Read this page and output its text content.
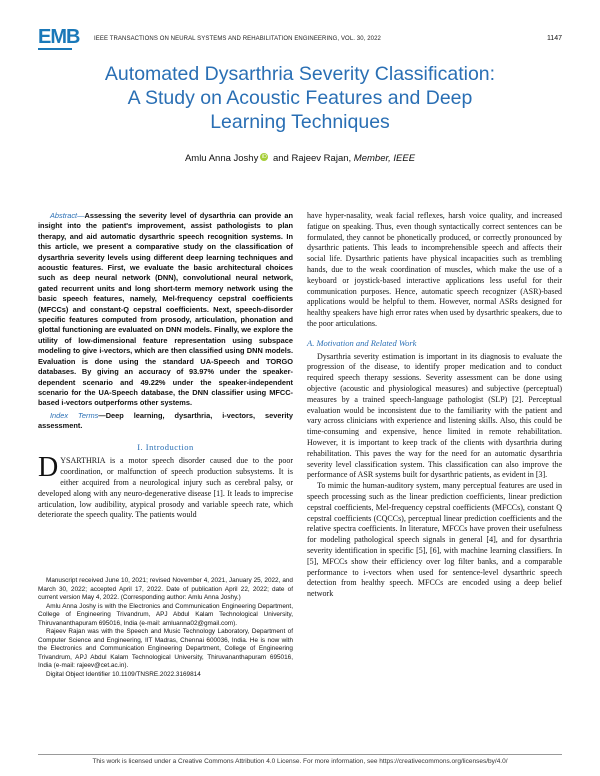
EMB IEEE TRANSACTIONS ON NEURAL SYSTEMS AND REHABILITATION ENGINEERING, VOL. 30, 2022	1147
Automated Dysarthria Severity Classification:
A Study on Acoustic Features and Deep
Learning Techniques
Amlu Anna Joshy iD and Rajeev Rajan, Member, IEEE

Abstract—Assessing the severity level of dysarthria can provide an insight into the patient's improvement, assist pathologists to plan therapy, and aid automatic dysarthric speech recognition systems. In this article, we present a comparative study on the classification of dysarthria severity levels using different deep learning techniques and acoustic features. First, we evaluate the basic architectural choices such as deep neural network (DNN), convolutional neural network, gated recurrent units and long short-term memory network using the basic speech features, namely, Mel-frequency cepstral coefficients (MFCCs) and constant-Q cepstral coefficients. Next, speech-disorder specific features computed from prosody, articulation, phonation and glottal functioning are evaluated on DNN models. Finally, we explore the utility of low-dimensional feature representation using subspace modeling to give i-vectors, which are then classified using DNN models. Evaluation is done using the standard UA-Speech and TORGO databases. By giving an accuracy of 93.97% under the speaker-dependent scenario and 49.22% under the speaker-independent scenario for the UA-Speech database, the DNN classifier using MFCC-based i-vectors outperforms other systems.

Index Terms—Deep learning, dysarthria, i-vectors, severity assessment.

I. Introduction

DYSARTHRIA is a motor speech disorder caused due to the poor coordination, or malfunction of speech production subsystems. It is either acquired from a neurological injury such as cerebral palsy, or developed along with any neuro-degenerative disease [1]. It leads to imprecise articulation, low audibility, atypical prosody and variable speech rate, which deteriorate the speech quality. The patients would

Manuscript received June 10, 2021; revised November 4, 2021, January 25, 2022, and March 30, 2022; accepted April 17, 2022. Date of publication April 22, 2022; date of current version May 4, 2022. (Corresponding author: Amlu Anna Joshy.)

Amlu Anna Joshy is with the Electronics and Communication Engineering Department, College of Engineering Trivandrum, APJ Abdul Kalam Technological University, Thiruvananthapuram 695016, India (e-mail: amluanna02@gmail.com).

Rajeev Rajan was with the Speech and Music Technology Laboratory, Department of Computer Science and Engineering, IIT Madras, Chennai 600036, India. He is now with the Electronics and Communication Engineering Department, College of Engineering Trivandrum, APJ Abdul Kalam Technological University, Thiruvananthapuram 695016, India (e-mail: rajeev@cet.ac.in).

Digital Object Identifier 10.1109/TNSRE.2022.3169814

have hyper-nasality, weak facial reflexes, harsh voice quality, and increased fatigue on speaking. Thus, even though syntactically correct sentences can be formulated, they cannot be phonetically produced, or correctly pronounced by dysarthric patients. This leads to incomprehensible speech and affects their social life. Dysarthric patients have physical incapacities such as trembling hands, due to the weak coordination of muscles, which make the use of a keyboard or joystick-based interactive applications less useful for their communication purposes. Hence, automatic speech recognizer (ASR)-based applications would be helpful to them. However, normal ASRs designed for healthy speakers have high error rates when used by dysarthric speakers, due to the poor articulations.

A. Motivation and Related Work

Dysarthria severity estimation is important in its diagnosis to evaluate the progression of the disease, to identify proper medication and to conduct required speech therapy sessions. Severity assessment can be done using objective (acoustic and physiological measures) and subjective (perceptual) measures by a trained speech-language pathologist (SLP) [2]. Perceptual evaluation would be inconsistent due to the familiarity with the patient and vary across clinicians with experience and listening skills. Also, this could be time-consuming and expensive, hence limited in remote rehabilitation. However, it is important to keep track of the clients with dysarthria during rehabilitation. This paves the way for the need for an automatic dysarthria severity level classification system. This classification can also improve the performance of ASR systems built for dysarthric patients, as evident in [3].

To mimic the human-auditory system, many perceptual features are used in speech processing such as the linear prediction coefficients, linear prediction cepstral coefficients, Mel-frequency cepstral coefficients (MFCCs), constant Q cepstral coefficients (CQCCs), perceptual linear prediction coefficients and the relative spectra coefficients. In literature, MFCCs have proven their usefulness for modeling pathological speech signals in general [4], and for dysarthria severity identification in specific [5], [6], with machine learning classifiers. In [5], MFCCs show their efficiency over log filter banks, and a comparable performance to i-vectors when used for sentence-level dysarthric speech detection from healthy speech. MFCCs are encoded using a deep belief network

This work is licensed under a Creative Commons Attribution 4.0 License. For more information, see https://creativecommons.org/licenses/by/4.0/
